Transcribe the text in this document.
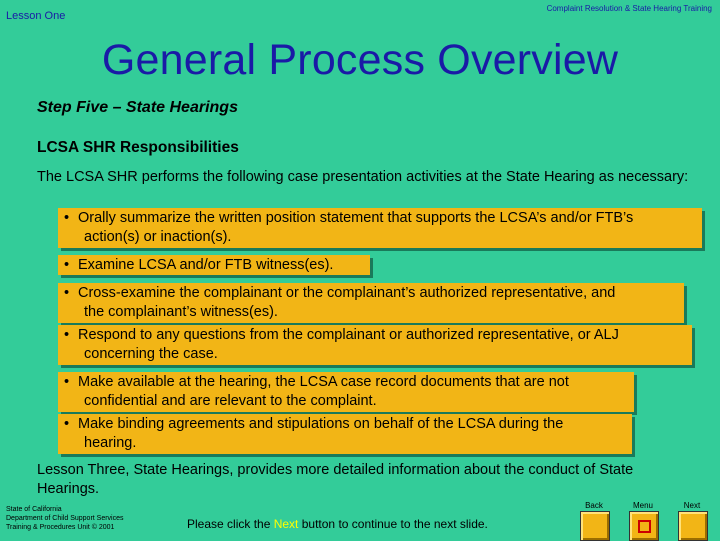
Lesson One
Complaint Resolution & State Hearing Training
General Process Overview
Step Five – State Hearings
LCSA SHR Responsibilities
The LCSA SHR performs the following case presentation activities at the State Hearing as necessary:
• Orally summarize the written position statement that supports the LCSA’s and/or FTB’s
action(s) or inaction(s).
• Examine LCSA and/or FTB witness(es).
• Cross-examine the complainant or the complainant’s authorized representative, and
the complainant’s witness(es).
• Respond to any questions from the complainant or authorized representative, or ALJ
concerning the case.
• Make available at the hearing, the LCSA case record documents that are not
confidential and are relevant to the complaint.
• Make binding agreements and stipulations on behalf of the LCSA during the
hearing.
Lesson Three, State Hearings, provides more detailed information about the conduct of State Hearings.
State of California
Department of Child Support Services
Training & Procedures Unit © 2001	Please click the Next button to continue to the next slide.
Back	Menu	Next
